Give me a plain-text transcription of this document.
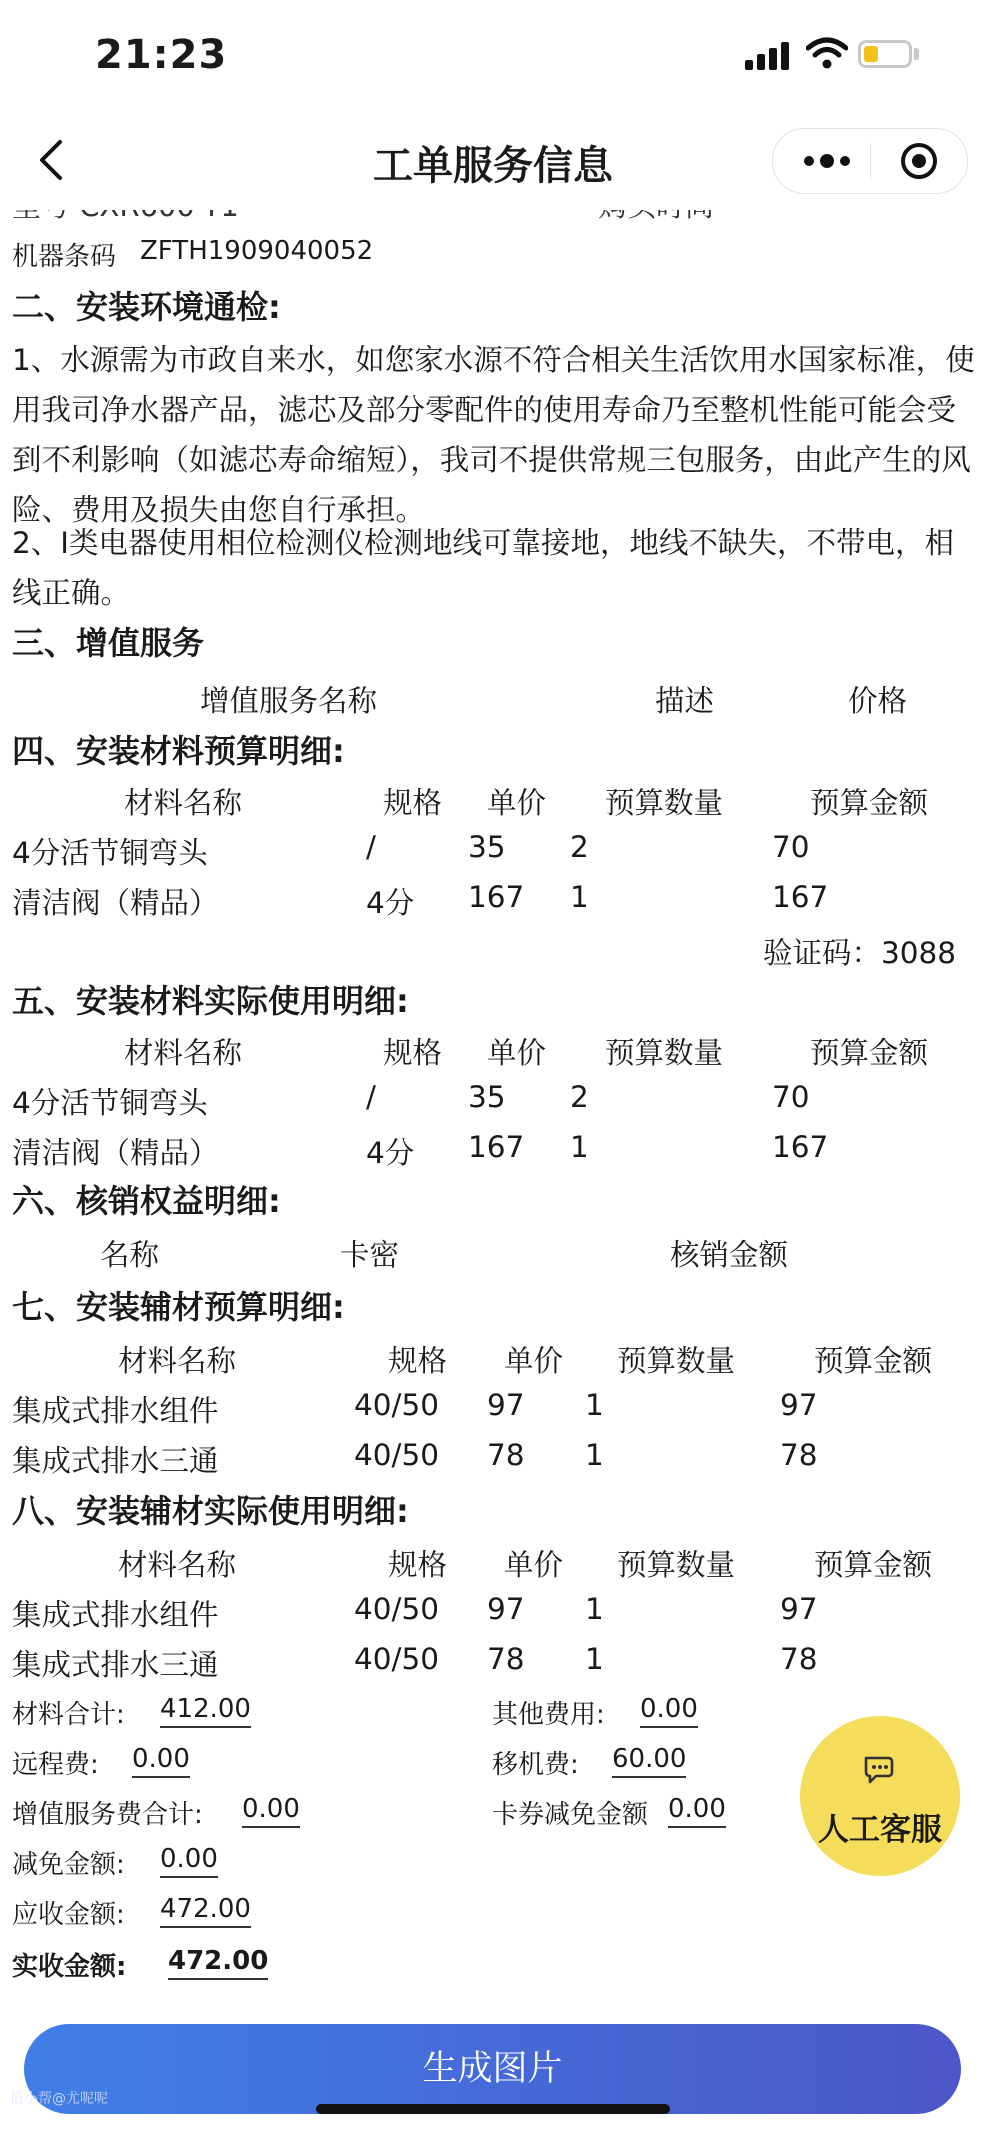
21:23
工单服务信息
机器条码 ZFTH1909040052
二、安装环境通检:
1、水源需为市政自来水，如您家水源不符合相关生活饮用水国家标准，使用我司净水器产品，滤芯及部分零配件的使用寿命乃至整机性能可能会受到不利影响（如滤芯寿命缩短），我司不提供常规三包服务，由此产生的风险、费用及损失由您自行承担。
2、I类电器使用相位检测仪检测地线可靠接地，地线不缺失，不带电，相线正确。
三、增值服务
增值服务名称	描述	价格
四、安装材料预算明细:
材料名称	规格 单价 预算数量	预算金额
4分活节铜弯头	/	35 2	70
清洁阀（精品）	4分 167 1	167
验证码：3088
五、安装材料实际使用明细:
材料名称	规格 单价 预算数量	预算金额
4分活节铜弯头	/	35 2	70
清洁阀（精品）	4分 167 1	167
六、核销权益明细:
名称	卡密	核销金额
七、安装辅材预算明细:
材料名称	规格 单价 预算数量	预算金额
集成式排水组件	40/50 97 1	97
集成式排水三通	40/50 78 1	78
八、安装辅材实际使用明细:
材料名称	规格 单价 预算数量	预算金额
集成式排水组件	40/50 97 1	97
集成式排水三通	40/50 78 1	78
材料合计: 412.00	其他费用: 0.00
远程费: 0.00	移机费: 60.00
增值服务费合计: 0.00	卡券减免金额 0.00
减免金额: 0.00
应收金额: 472.00
实收金额: 472.00
人工客服
生成图片
值小帮@尤呢呢
